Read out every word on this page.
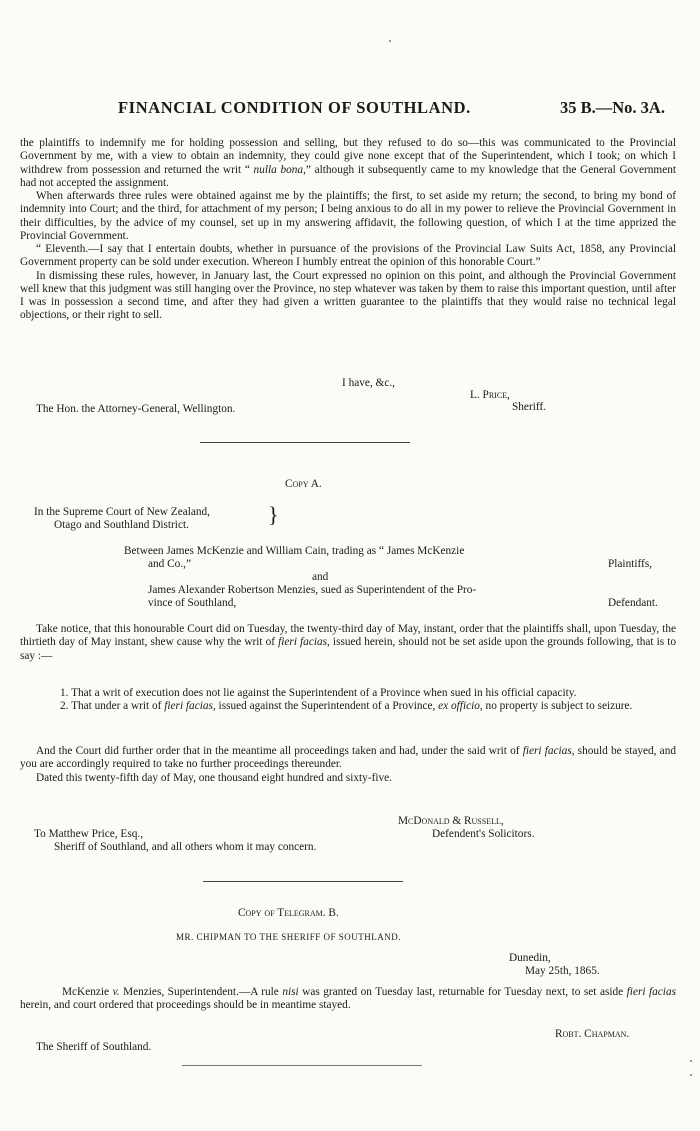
FINANCIAL CONDITION OF SOUTHLAND.	35 B.—No. 3A.

the plaintiffs to indemnify me for holding possession and selling, but they refused to do so—this was communicated to the Provincial Government by me, with a view to obtain an indemnity, they could give none except that of the Superintendent, which I took; on which I withdrew from possession and returned the writ “ nulla bona,” although it subsequently came to my knowledge that the General Government had not accepted the assignment.

When afterwards three rules were obtained against me by the plaintiffs; the first, to set aside my return; the second, to bring my bond of indemnity into Court; and the third, for attachment of my person; I being anxious to do all in my power to relieve the Provincial Government in their difficulties, by the advice of my counsel, set up in my answering affidavit, the following question, of which I at the time apprized the Provincial Government.

“ Eleventh.—I say that I entertain doubts, whether in pursuance of the provisions of the Provincial Law Suits Act, 1858, any Provincial Government property can be sold under execution. Whereon I humbly entreat the opinion of this honorable Court.”

In dismissing these rules, however, in January last, the Court expressed no opinion on this point, and although the Provincial Government well knew that this judgment was still hanging over the Province, no step whatever was taken by them to raise this important question, until after I was in possession a second time, and after they had given a written guarantee to the plaintiffs that they would raise no technical legal objections, or their right to sell.

I have, &c.,
L. Price,
Sheriff.
The Hon. the Attorney-General, Wellington.
Copy A.
In the Supreme Court of New Zealand,
Otago and Southland District.	}
Between James McKenzie and William Cain, trading as “ James McKenzie
and Co.,”	Plaintiffs,
and
James Alexander Robertson Menzies, sued as Superintendent of the Pro-
vince of Southland,	Defendant.

Take notice, that this honourable Court did on Tuesday, the twenty-third day of May, instant, order that the plaintiffs shall, upon Tuesday, the thirtieth day of May instant, shew cause why the writ of fieri facias, issued herein, should not be set aside upon the grounds following, that is to say :—

1. That a writ of execution does not lie against the Superintendent of a Province when sued in his official capacity.

2. That under a writ of fieri facias, issued against the Superintendent of a Province, ex officio, no property is subject to seizure.

And the Court did further order that in the meantime all proceedings taken and had, under the said writ of fieri facias, should be stayed, and you are accordingly required to take no further proceedings thereunder.

Dated this twenty-fifth day of May, one thousand eight hundred and sixty-five.

McDonald & Russell,
Defendent's Solicitors.
To Matthew Price, Esq.,
Sheriff of Southland, and all others whom it may concern.
Copy of Telegram. B.
MR. CHIPMAN TO THE SHERIFF OF SOUTHLAND.
Dunedin,
May 25th, 1865.

McKenzie v. Menzies, Superintendent.—A rule nisi was granted on Tuesday last, returnable for Tuesday next, to set aside fieri facias herein, and court ordered that proceedings should be in meantime stayed.

Robt. Chapman.
The Sheriff of Southland.
